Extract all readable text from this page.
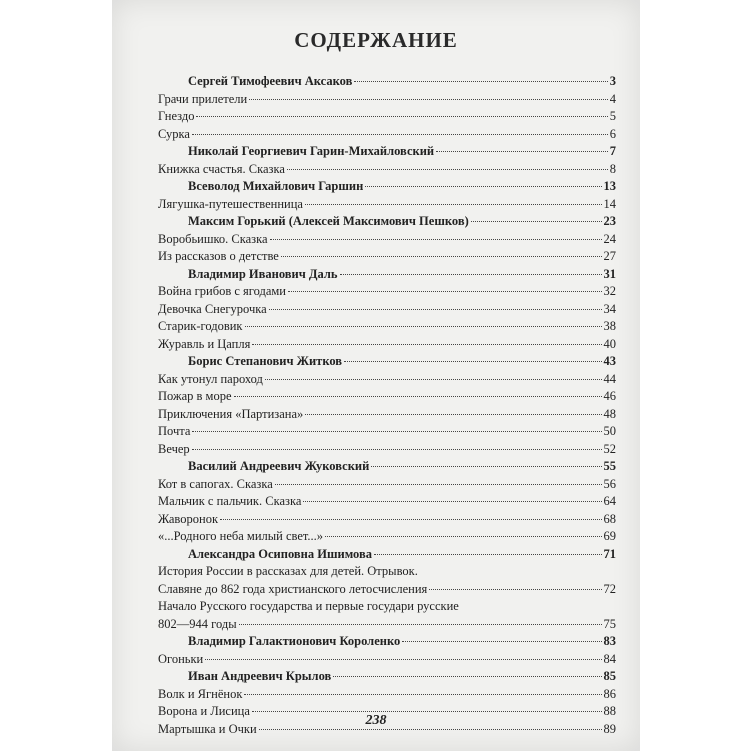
СОДЕРЖАНИЕ
Сергей Тимофеевич Аксаков	3
Грачи прилетели	4
Гнездо	5
Сурка	6
Николай Георгиевич Гарин-Михайловский	7
Книжка счастья. Сказка	8
Всеволод Михайлович Гаршин	13
Лягушка-путешественница	14
Максим Горький (Алексей Максимович Пешков)	23
Воробьишко. Сказка	24
Из рассказов о детстве	27
Владимир Иванович Даль	31
Война грибов с ягодами	32
Девочка Снегурочка	34
Старик-годовик	38
Журавль и Цапля	40
Борис Степанович Житков	43
Как утонул пароход	44
Пожар в море	46
Приключения «Партизана»	48
Почта	50
Вечер	52
Василий Андреевич Жуковский	55
Кот в сапогах. Сказка	56
Мальчик с пальчик. Сказка	64
Жаворонок	68
«...Родного неба милый свет...»	69
Александра Осиповна Ишимова	71
История России в рассказах для детей. Отрывок.
Славяне до 862 года христианского летосчисления	72
Начало Русского государства и первые государи русские
802—944 годы	75
Владимир Галактионович Короленко	83
Огоньки	84
Иван Андреевич Крылов	85
Волк и Ягнёнок	86
Ворона и Лисица	88
Мартышка и Очки	89
238
